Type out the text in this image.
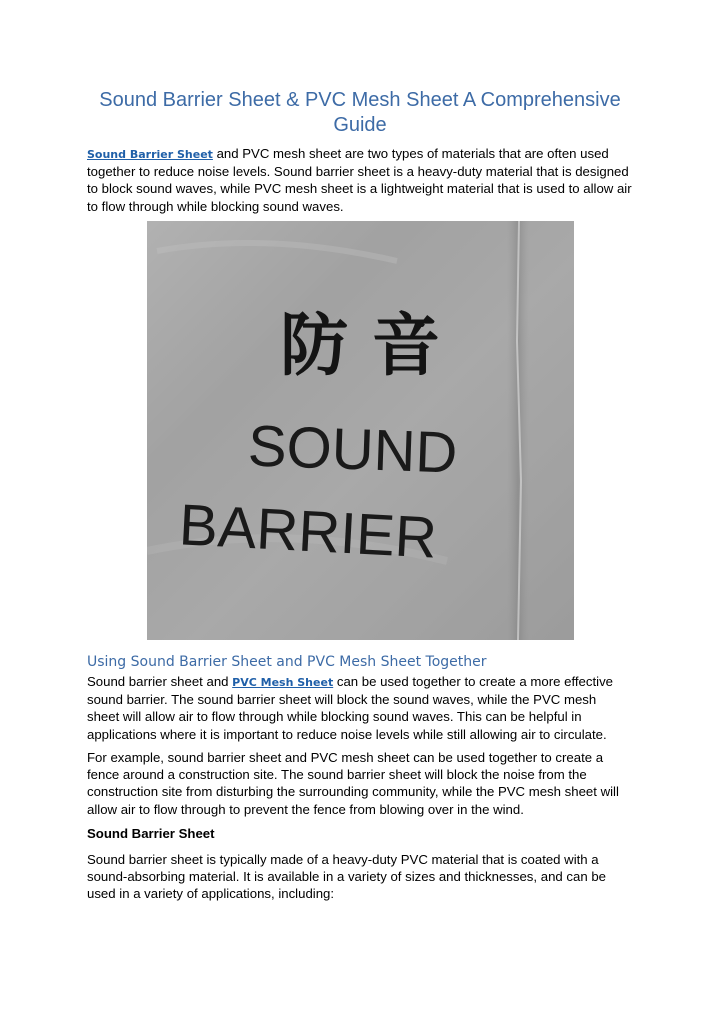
Sound Barrier Sheet & PVC Mesh Sheet A Comprehensive Guide

Sound Barrier Sheet and PVC mesh sheet are two types of materials that are often used together to reduce noise levels. Sound barrier sheet is a heavy-duty material that is designed to block sound waves, while PVC mesh sheet is a lightweight material that is used to allow air to flow through while blocking sound waves.

防 音
SOUND
BARRIER
Using Sound Barrier Sheet and PVC Mesh Sheet Together

Sound barrier sheet and PVC Mesh Sheet can be used together to create a more effective sound barrier. The sound barrier sheet will block the sound waves, while the PVC mesh sheet will allow air to flow through while blocking sound waves. This can be helpful in applications where it is important to reduce noise levels while still allowing air to circulate.

For example, sound barrier sheet and PVC mesh sheet can be used together to create a fence around a construction site. The sound barrier sheet will block the noise from the construction site from disturbing the surrounding community, while the PVC mesh sheet will allow air to flow through to prevent the fence from blowing over in the wind.

Sound Barrier Sheet

Sound barrier sheet is typically made of a heavy-duty PVC material that is coated with a sound-absorbing material. It is available in a variety of sizes and thicknesses, and can be used in a variety of applications, including:
